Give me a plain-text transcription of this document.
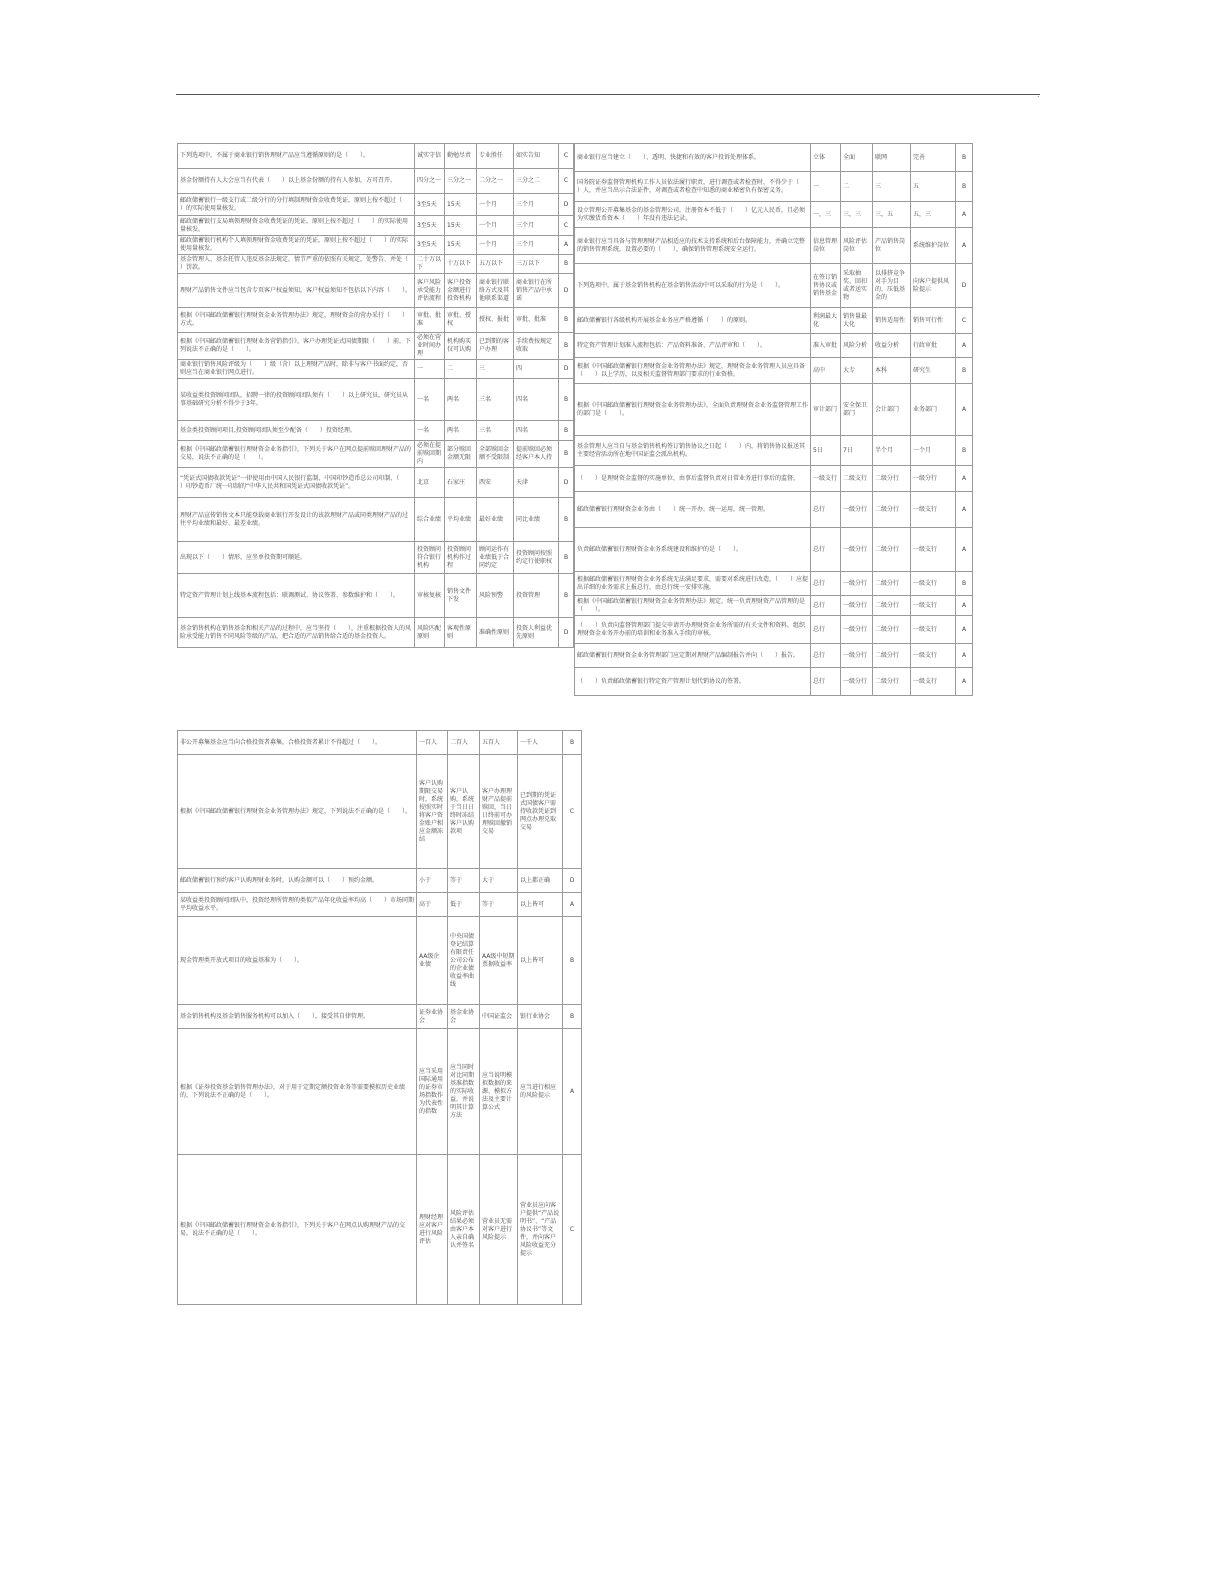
.
下列选项中，不属于商业银行销售理财产品应当遵循原则的是（　　）。	诚实守信	勤勉尽责	专业胜任	如实告知	C
基金份额持有人大会应当有代表（　　）以上基金份额的持有人参加，方可召开。	四分之一	三分之一	二分之一	三分之二	C
邮政储蓄银行一级支行或二级分行的分行填制理财资金收费凭证，原则上按不超过（　　）的实际使用量核发。	3至5天	15天	一个月	三个月	D
邮政储蓄银行支局填领理财资金收费凭证的凭证，原则上按不超过（　　）的实际使用量核发。	3至5天	15天	一个月	三个月	C
邮政储蓄银行机构个人填领理财资金收费凭证的凭证，原则上按不超过（　　）的实际使用量核发。	3至5天	15天	一个月	三个月	A
基金管理人、基金托管人违反基金法规定，情节严重的依照有关规定，处警告、并处（　　）罚款。	二十万以下	十万以下	五万以下	三万以下	B
理财产品销售文件应当包含专页客户权益须知，客户权益须知不包括以下内容（　　）。	客户风险承受能力评估流程	客户投资金额进行投资机构	商业银行联络方式及其他联系渠道	商业银行在所销售产品中承诺	D
根据《中国邮政储蓄银行理财资金业务管理办法》规定，理财资金的营办采行（　　）方式。	审批、批准	审批、授权	授权、报批	审批、批准	B
根据《中国邮政储蓄银行理财业务营销指引》，客户办理凭证式国债期限（　　）前，下列说法不正确的是（　　）。	必须在营业时间办理	机构购买仅可认购	已到期的客户办理	手续费按规定收取	B
商业银行销售风险评级为（　　）级（含）以上理财产品时，除非与客户书面约定，否则应当在商业银行网点进行。	一	二	三	四	D
某收益类投资顾问团队，招聘一律的投资顾问团队须有（　　）以上研究员，研究员从事基础研究分析不得少于3年。	一名	两名	三名	四名	B
基金类投资顾问项目,投资顾问团队须至少配备（　　）投资经理。	一名	两名	三名	四名	B
根据《中国邮政储蓄银行理财资金业务指引》，下列关于客户在网点提前赎回理财产品的交易，说法不正确的是（　　）。	必须在提前赎回期内	部分赎回金额无限	全部赎回金额不受限制	提前赎回必须经客户本人持	B
“凭证式国债收款凭证”一律使用由中国人民银行监制、中国印钞造币总公司印制、（　　）印钞造币厂统一印制的“中华人民共和国凭证式国债收款凭证”。	北京	石家庄	西安	天津	D
理财产品宣传销售文本只能登载商业银行开发设计的该款理财产品或同类理财产品的过往平均业绩和最好、最差业绩。	综合业绩	平均业绩	最好业绩	同比业绩	B
出现以下（　　）情形，应坐单投资期可顺延。	投资顾问符合银行机构	投资顾问机构作过程	顾问运作有业绩低于合同约定	投资顾问按照约定行使职权	B
特定资产管理计划上线基本流程包括：联调测试、协议签署、参数维护和（　　）。	审核复核	销售文件下发	风险预警	投资管理	B
基金销售机构在销售基金和相关产品的过程中，应当坚持（　　），注重根据投资人的风险承受能力销售不同风险等级的产品，把合适的产品销售给合适的基金投资人。	风险匹配原则	客观性原则	准确性原则	投资人利益优先原则	D
商业银行应当建立（　　）、透明、快捷和有效的客户投诉处理体系。	立体	全面	联网	完善	B
国务院证券监督管理机构工作人员依法履行职责，进行调查或者检查时，不得少于（　　）人，并应当出示合法证件，对调查或者检查中知悉的商业秘密负有保密义务。	一	二	三	五	B
设立管理公开募集基金的基金管理公司，注册资本不低于（　　）亿元人民币，且必须为实缴货币资本（　　）年没有违法记录。	一，三	三，三	三，五	五，三	A
商业银行应当具备与管理理财产品相适应的技术支持系统和后台保障能力，并确立完整的销售管理系统，设置必要的（　　），确保销售管理系统安全运行。	信息管理岗位	风险评估岗位	产品销售岗位	系统维护岗位	A
下列选项中，属于基金销售机构在基金销售活动中可以采取的行为是（　　）。	在签订销售协议或销售基金	采取抽奖、回扣或者送实物	以排挤竞争对手为目的，压低基金的	向客户提供风险提示	D
邮政储蓄银行各级机构开展基金业务应严格遵循（　　）的原则。	利润最大化	销售量最大化	销售适用性	销售可行性	C
特定资产管理计划准入流程包括：产品资料准备、产品评审和（　　）。	准入审批	风险分析	收益分析	行政审批	A
根据《中国邮政储蓄银行理财资金业务管理办法》规定，理财资金业务管理人员应具备（　　）以上学历，以及相关监督管理部门要求的行业资格。	高中	大专	本科	研究生	B
根据《中国邮政储蓄银行理财资金业务管理办法》，全面负责理财资金业务监督管理工作的部门是（　　）。	审计部门	安全保卫部门	会计部门	业务部门	A
基金管理人应当自与基金销售机构签订销售协议之日起（　　）内，将销售协议报送其主要经营活动所在地中国证监会派出机构。	5日	7日	半个月	一个月	B
（　　）是理财资金监督的实施单位，由事后监督负责对日常业务进行事后的监督。	一级支行	二级支行	二级分行	一级分行	A
邮政储蓄银行理财资金业务由（　　）统一开办，统一运用，统一管理。	总行	一级分行	二级分行	一级支行	A
负责邮政储蓄银行理财资金业务系统建设和维护的是（　　）。	总行	一级分行	二级分行	一级支行	A
根据邮政储蓄银行理财资金业务系统无法满足要求，需要对系统进行改造，（　　）应提出详细的业务需求上报总行，由总行统一安排实施。	总行	一级分行	二级分行	一级支行	B
根据《中国邮政储蓄银行理财资金业务管理办法》规定，统一负责理财资产品管理的是（　　）。	总行	一级分行	二级分行	一级支行	A
（　　）负责向监督管理部门提交申请开办理财资金业务所需的有关文件和资料，组织理财资金业务开办前的培训和业务准入手续的审核。	总行	一级分行	二级分行	一级支行	A
邮政储蓄银行理财资金业务管理部门应定期对理财产品编制报告并向（　　）报告。	总行	一级分行	二级分行	一级支行	A
（　　）负责邮政储蓄银行特定资产管理计划代销协议的签署。	总行	一级分行	二级分行	一级支行	A
非公开募集基金应当向合格投资者募集，合格投资者累计不得超过（　　）。	一百人	二百人	五百人	一千人	B
根据《中国邮政储蓄银行理财资金业务管理办法》规定，下列说法不正确的是（　　）。	客户认购期限交易时，系统按照实时将客户资金账户相应金额冻结	客户认购，系统于当日日终时冻结客户认购款项	客户办理理财产品提前赎回，当日日终前可办理赎回撤销交易	已到期的凭证式国债客户需持收款凭证到网点办理兑取交易	C
邮政储蓄银行预约客户认购理财业务时，认购金额可以（　　）预约金额。	小于	等于	大于	以上都正确	D
某收益类投资顾问团队中，投资经理所管理的类似产品年化收益率均高（　　）市场同期平均收益水平。	高于	低于	等于	以上皆可	A
现金管理类开放式项目的收益基准为（　　）。	AA级企业债	中央国债登记结算有限责任公司公布的企业债收益率曲线	AA级中短期票据收益率	以上皆可	B
基金销售机构及基金销售服务机构可以加入（　　），接受其自律管理。	证券业协会	基金业协会	中国证监会	银行业协会	B
根据《证券投资基金销售管理办法》，对于用于定期定额投资业务等需要模拟历史业绩的，下列说法不正确的是（　　）。	应当采用国际通用的证券市场指数作为代表性的指数	应当同时对比同期基准指数的实际收益，并说明其计算方法	应当说明模拟数据的来源、模拟方法及主要计算公式	应当进行相应的风险提示	A
根据《中国邮政储蓄银行理财资金业务指引》，下列关于客户在网点认购理财产品的交易，说法不正确的是（　　）。	理财经理应对客户进行风险评估	风险评估结果必须由客户本人亲自确认并签名	营业员无需对客户进行风险提示	营业员应向客户提供“产品说明书”、“产品协议书”等文件，并向客户风险收益充分提示	C
